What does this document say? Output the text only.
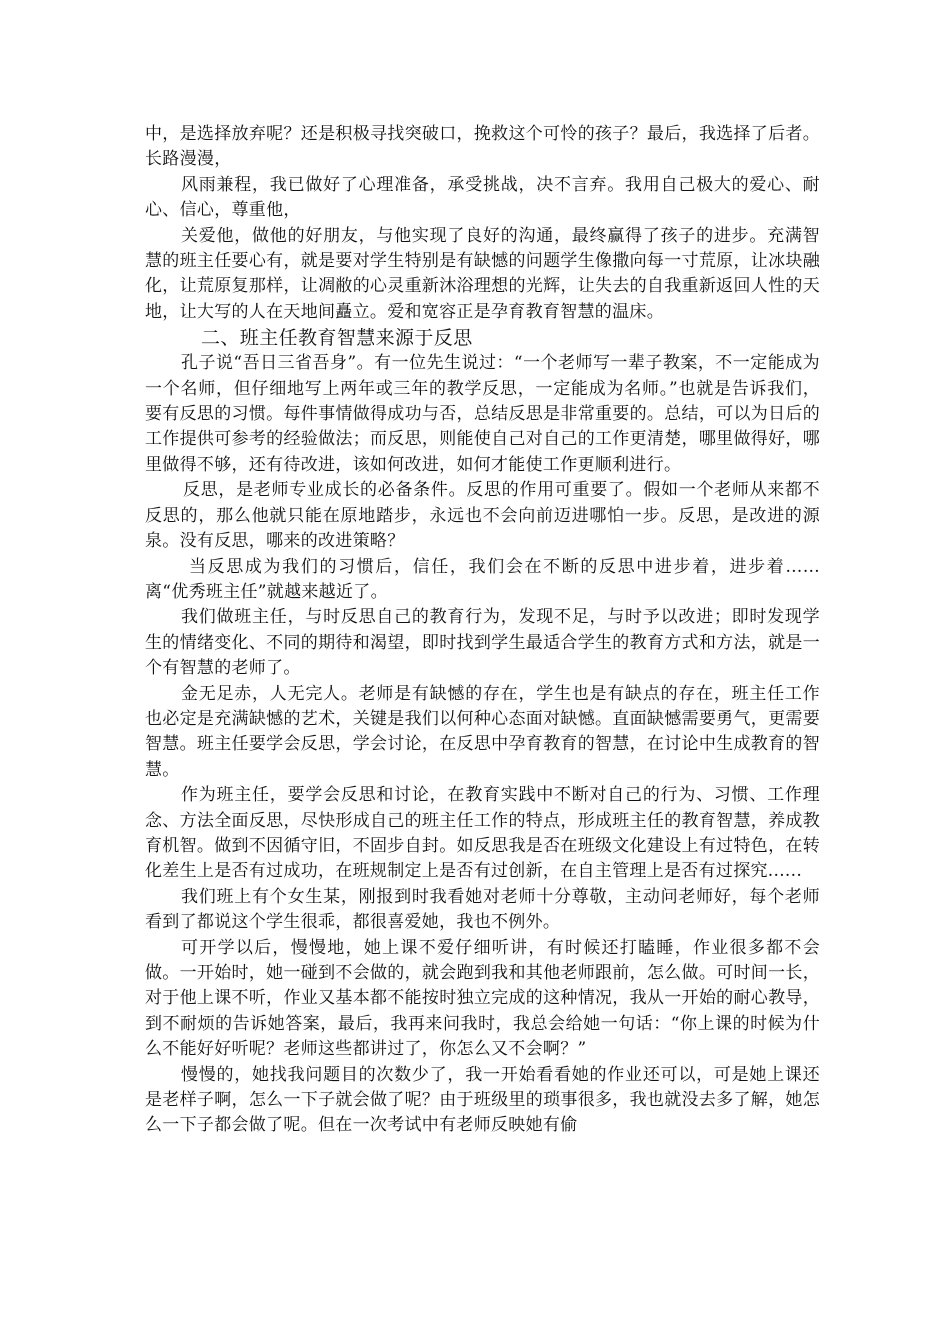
中，是选择放弃呢？还是积极寻找突破口，挽救这个可怜的孩子？最后，我选择了后者。长路漫漫，

风雨兼程，我已做好了心理准备，承受挑战，决不言弃。我用自己极大的爱心、耐心、信心，尊重他，

关爱他，做他的好朋友，与他实现了良好的沟通，最终赢得了孩子的进步。充满智慧的班主任要心有，就是要对学生特别是有缺憾的问题学生像撒向每一寸荒原，让冰块融化，让荒原复那样，让凋敝的心灵重新沐浴理想的光辉，让失去的自我重新返回人性的天地，让大写的人在天地间矗立。爱和宽容正是孕育教育智慧的温床。

二、班主任教育智慧来源于反思

孔子说“吾日三省吾身”。有一位先生说过：“一个老师写一辈子教案，不一定能成为一个名师，但仔细地写上两年或三年的教学反思，一定能成为名师。”也就是告诉我们，要有反思的习惯。每件事情做得成功与否，总结反思是非常重要的。总结，可以为日后的工作提供可参考的经验做法；而反思，则能使自己对自己的工作更清楚，哪里做得好，哪里做得不够，还有待改进，该如何改进，如何才能使工作更顺利进行。

反思，是老师专业成长的必备条件。反思的作用可重要了。假如一个老师从来都不反思的，那么他就只能在原地踏步，永远也不会向前迈进哪怕一步。反思，是改进的源泉。没有反思，哪来的改进策略？

当反思成为我们的习惯后，信任，我们会在不断的反思中进步着，进步着……离“优秀班主任”就越来越近了。

我们做班主任，与时反思自己的教育行为，发现不足，与时予以改进；即时发现学生的情绪变化、不同的期待和渴望，即时找到学生最适合学生的教育方式和方法，就是一个有智慧的老师了。

金无足赤，人无完人。老师是有缺憾的存在，学生也是有缺点的存在，班主任工作也必定是充满缺憾的艺术，关键是我们以何种心态面对缺憾。直面缺憾需要勇气，更需要智慧。班主任要学会反思，学会讨论，在反思中孕育教育的智慧，在讨论中生成教育的智慧。

作为班主任，要学会反思和讨论，在教育实践中不断对自己的行为、习惯、工作理念、方法全面反思，尽快形成自己的班主任工作的特点，形成班主任的教育智慧，养成教育机智。做到不因循守旧，不固步自封。如反思我是否在班级文化建设上有过特色，在转化差生上是否有过成功，在班规制定上是否有过创新，在自主管理上是否有过探究......

我们班上有个女生某，刚报到时我看她对老师十分尊敬，主动问老师好，每个老师看到了都说这个学生很乖，都很喜爱她，我也不例外。

可开学以后，慢慢地，她上课不爱仔细听讲，有时候还打瞌睡，作业很多都不会做。一开始时，她一碰到不会做的，就会跑到我和其他老师跟前，怎么做。可时间一长，对于他上课不听，作业又基本都不能按时独立完成的这种情况，我从一开始的耐心教导，到不耐烦的告诉她答案，最后，我再来问我时，我总会给她一句话：“你上课的时候为什么不能好好听呢？老师这些都讲过了，你怎么又不会啊？”

慢慢的，她找我问题目的次数少了，我一开始看看她的作业还可以，可是她上课还是老样子啊，怎么一下子就会做了呢？由于班级里的琐事很多，我也就没去多了解，她怎么一下子都会做了呢。但在一次考试中有老师反映她有偷
